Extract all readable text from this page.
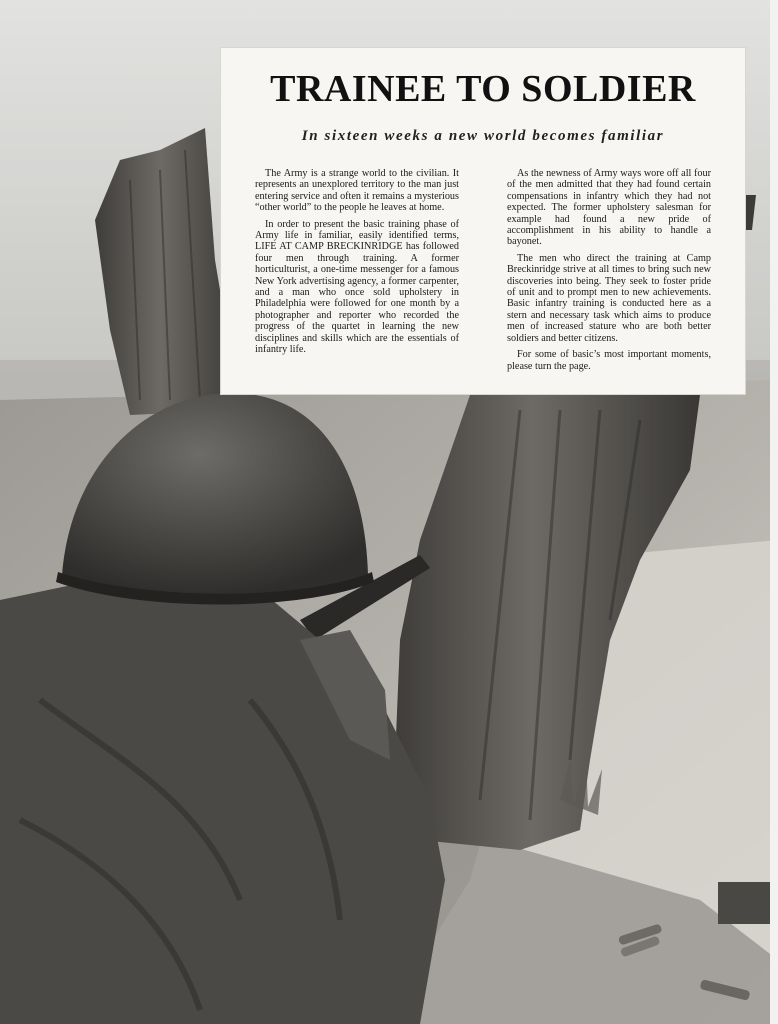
TRAINEE TO SOLDIER

In sixteen weeks a new world becomes familiar

The Army is a strange world to the civilian. It represents an unexplored territory to the man just entering service and often it remains a mysterious “other world” to the people he leaves at home.

In order to present the basic training phase of Army life in familiar, easily identified terms, LIFE AT CAMP BRECKINRIDGE has followed four men through training. A former horticulturist, a one-time messenger for a famous New York advertising agency, a former carpenter, and a man who once sold upholstery in Philadelphia were followed for one month by a photographer and reporter who recorded the progress of the quartet in learning the new disciplines and skills which are the essentials of infantry life.

As the newness of Army ways wore off all four of the men admitted that they had found certain compensations in infantry which they had not expected. The former upholstery salesman for example had found a new pride of accomplishment in his ability to handle a bayonet.

The men who direct the training at Camp Breckinridge strive at all times to bring such new discoveries into being. They seek to foster pride of unit and to prompt men to new achievements. Basic infantry training is conducted here as a stern and necessary task which aims to produce men of increased stature who are both better soldiers and better citizens.

For some of basic’s most important moments, please turn the page.
